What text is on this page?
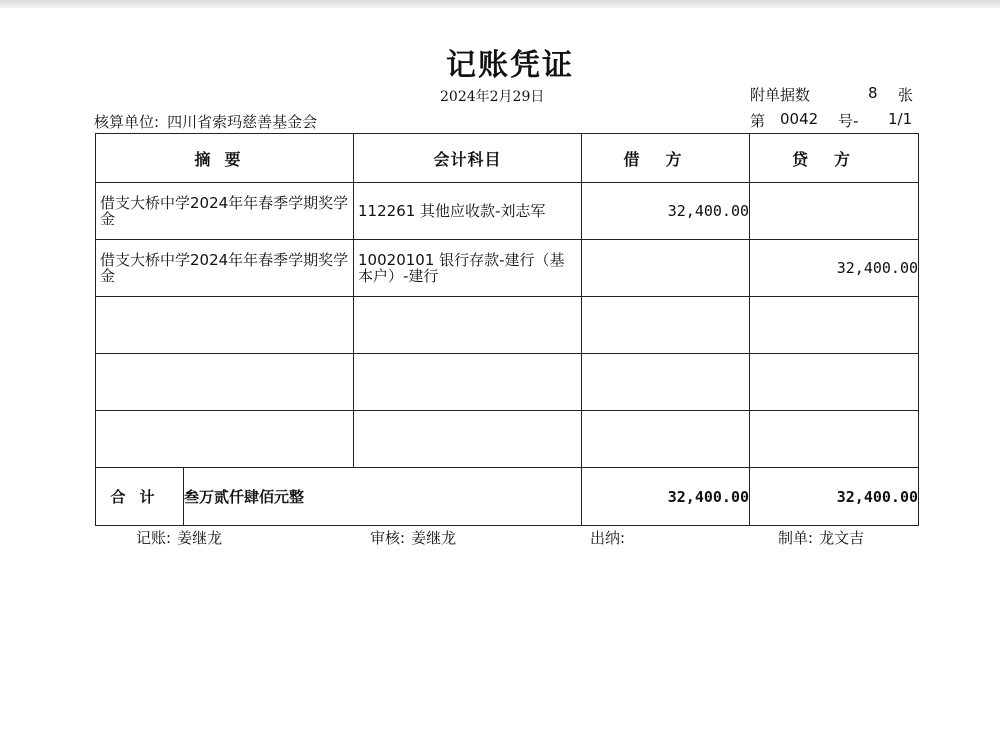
记账凭证
2024年2月29日	附单据数	8 张
核算单位: 四川省索玛慈善基金会	第 0042 号- 1/1
摘要		会计科目	借方	贷方

借支大桥中学2024年年春季学期奖学金		112261 其他应收款-刘志军	32,400.00	

借支大桥中学2024年年春季学期奖学金		10020101 银行存款-建行（基本户）-建行		32,400.00

合计	叁万贰仟肆佰元整		32,400.00	32,400.00
记账: 姜继龙	审核: 姜继龙	出纳:	制单: 龙文吉
